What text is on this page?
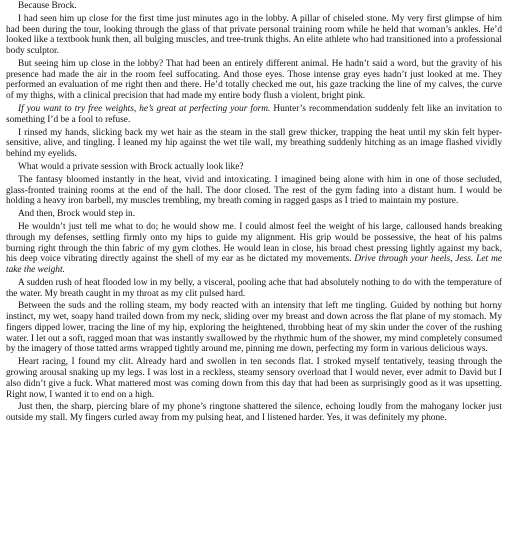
Because Brock.

I had seen him up close for the first time just minutes ago in the lobby. A pillar of chiseled stone. My very first glimpse of him had been during the tour, looking through the glass of that private personal training room while he held that woman’s ankles. He’d looked like a textbook hunk then, all bulging muscles, and tree-trunk thighs. An elite athlete who had transitioned into a professional body sculptor.

But seeing him up close in the lobby? That had been an entirely different animal. He hadn’t said a word, but the gravity of his presence had made the air in the room feel suffocating. And those eyes. Those intense gray eyes hadn’t just looked at me. They performed an evaluation of me right then and there. He’d totally checked me out, his gaze tracking the line of my calves, the curve of my thighs, with a clinical precision that had made my entire body flush a violent, bright pink.

If you want to try free weights, he’s great at perfecting your form. Hunter’s recommendation suddenly felt like an invitation to something I’d be a fool to refuse.

I rinsed my hands, slicking back my wet hair as the steam in the stall grew thicker, trapping the heat until my skin felt hyper-sensitive, alive, and tingling. I leaned my hip against the wet tile wall, my breathing suddenly hitching as an image flashed vividly behind my eyelids.

What would a private session with Brock actually look like?

The fantasy bloomed instantly in the heat, vivid and intoxicating. I imagined being alone with him in one of those secluded, glass-fronted training rooms at the end of the hall. The door closed. The rest of the gym fading into a distant hum. I would be holding a heavy iron barbell, my muscles trembling, my breath coming in ragged gasps as I tried to maintain my posture.

And then, Brock would step in.

He wouldn’t just tell me what to do; he would show me. I could almost feel the weight of his large, calloused hands breaking through my defenses, settling firmly onto my hips to guide my alignment. His grip would be possessive, the heat of his palms burning right through the thin fabric of my gym clothes. He would lean in close, his broad chest pressing lightly against my back, his deep voice vibrating directly against the shell of my ear as he dictated my movements. Drive through your heels, Jess. Let me take the weight.

A sudden rush of heat flooded low in my belly, a visceral, pooling ache that had absolutely nothing to do with the temperature of the water. My breath caught in my throat as my clit pulsed hard.

Between the suds and the rolling steam, my body reacted with an intensity that left me tingling. Guided by nothing but horny instinct, my wet, soapy hand trailed down from my neck, sliding over my breast and down across the flat plane of my stomach. My fingers dipped lower, tracing the line of my hip, exploring the heightened, throbbing heat of my skin under the cover of the rushing water. I let out a soft, ragged moan that was instantly swallowed by the rhythmic hum of the shower, my mind completely consumed by the imagery of those tatted arms wrapped tightly around me, pinning me down, perfecting my form in various delicious ways.

Heart racing, I found my clit. Already hard and swollen in ten seconds flat. I stroked myself tentatively, teasing through the growing arousal snaking up my legs. I was lost in a reckless, steamy sensory overload that I would never, ever admit to David but I also didn’t give a fuck. What mattered most was coming down from this day that had been as surprisingly good as it was upsetting. Right now, I wanted it to end on a high.

Just then, the sharp, piercing blare of my phone’s ringtone shattered the silence, echoing loudly from the mahogany locker just outside my stall. My fingers curled away from my pulsing heat, and I listened harder. Yes, it was definitely my phone.
